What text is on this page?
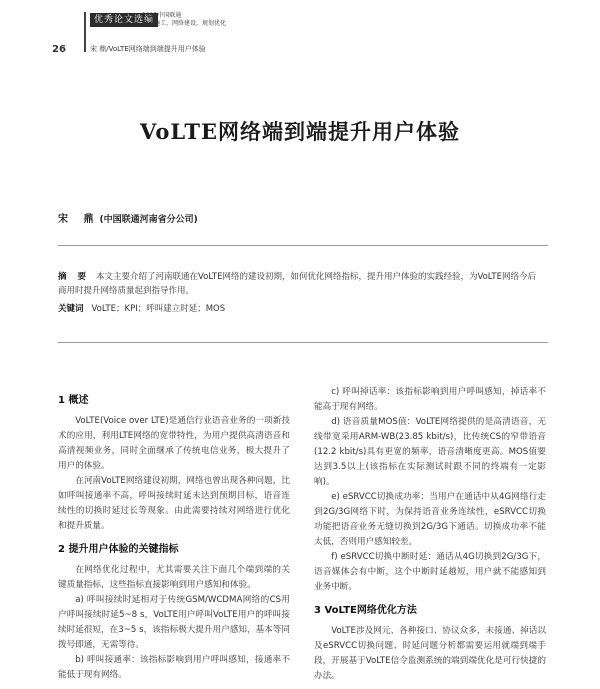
26
优秀论文选编
2015中国联通
设计施工、网络建设、规划优化
宋 鼎/VoLTE网络端到端提升用户体验
VoLTE网络端到端提升用户体验
宋 鼎(中国联通河南省分公司)
摘 要 本文主要介绍了河南联通在VoLTE网络的建设初期，如何优化网络指标，提升用户体验的实践经验，为VoLTE网络今后商用时提升网络质量起到指导作用。
关键词 VoLTE；KPI；呼叫建立时延；MOS
1 概述

VoLTE(Voice over LTE)是通信行业语音业务的一项新技术的应用，利用LTE网络的宽带特性，为用户提供高清语音和高清视频业务，同时全面继承了传统电信业务，极大提升了用户的体验。

在河南VoLTE网络建设初期，网络也曾出现各种问题，比如呼叫接通率不高，呼叫接续时延未达到预期目标，语音连续性的切换时延过长等现象。由此需要持续对网络进行优化和提升质量。

2 提升用户体验的关键指标

在网络优化过程中，尤其需要关注下面几个端到端的关键质量指标，这些指标直接影响到用户感知和体验。

a) 呼叫接续时延相对于传统GSM/WCDMA网络的CS用户呼叫接续时延5~8 s，VoLTE用户呼叫VoLTE用户的呼叫接续时延很短，在3~5 s，该指标极大提升用户感知，基本等同拨号即通，无需等待。

b) 呼叫接通率：该指标影响到用户呼叫感知，接通率不能低于现有网络。

c) 呼叫掉话率：该指标影响到用户呼叫感知，掉话率不能高于现有网络。

d) 语音质量MOS值：VoLTE网络提供的是高清语音，无线带宽采用ARM-WB(23.85 kbit/s)，比传统CS的窄带语音(12.2 kbit/s)具有更宽的频率，语音清晰度更高。MOS值要达到3.5以上(该指标在实际测试时跟不同的终端有一定影响)。

e) eSRVCC切换成功率：当用户在通话中从4G网络行走到2G/3G网络下时，为保持语音业务连续性，eSRVCC切换功能把语音业务无缝切换到2G/3G下通话。切换成功率不能太低，否则用户感知较差。

f) eSRVCC切换中断时延：通话从4G切换到2G/3G下，语音媒体会有中断，这个中断时延越短，用户就不能感知到业务中断。

3 VoLTE网络优化方法

VoLTE涉及网元、各种接口、协议众多，未接通、掉话以及eSRVCC切换问题、时延问题分析都需要运用就端到端手段，开展基于VoLTE信令监测系统的端到端优化是可行快捷的办法。
